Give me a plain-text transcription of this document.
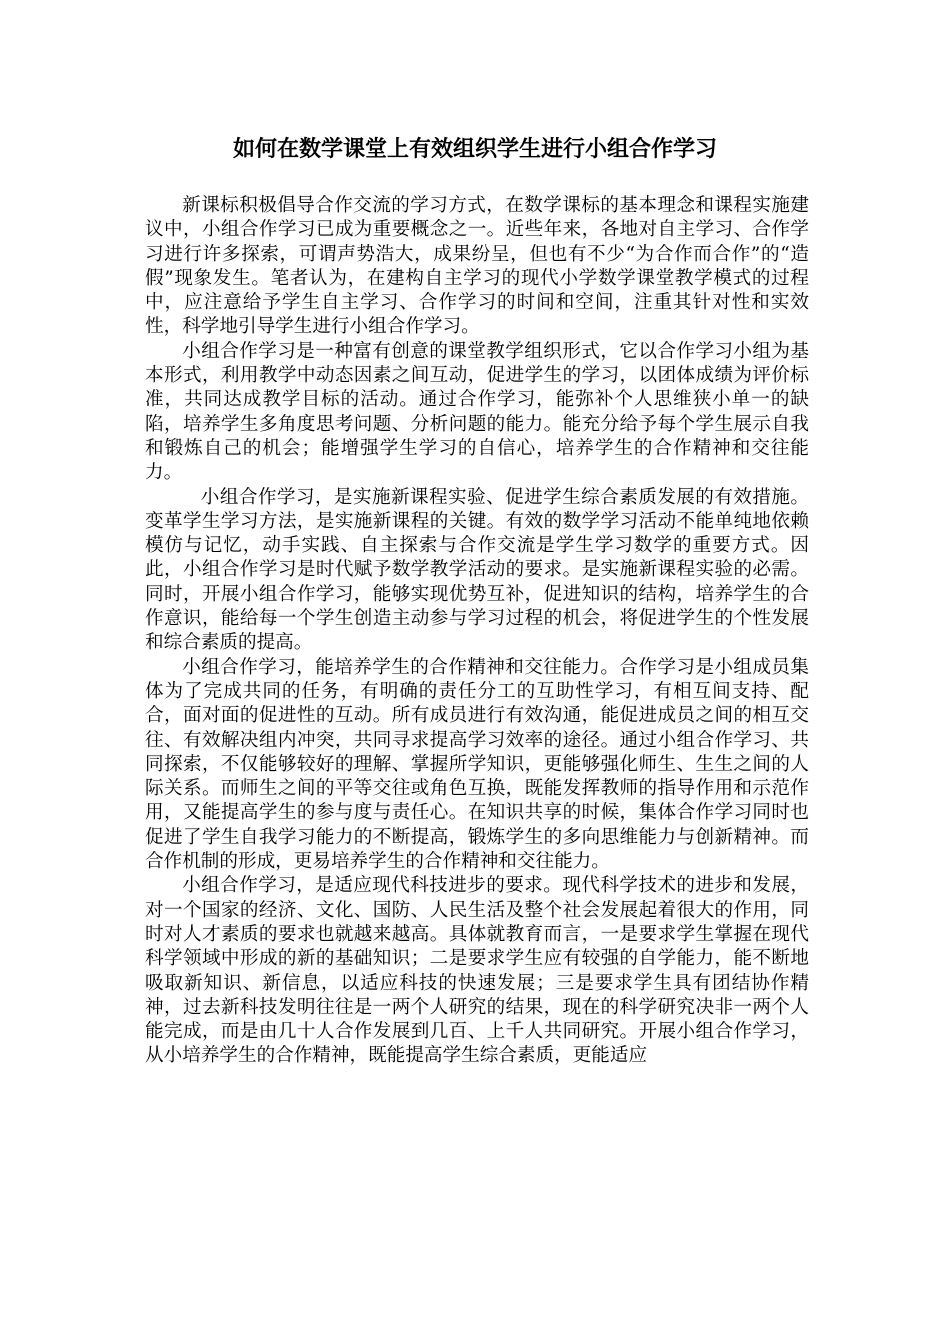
如何在数学课堂上有效组织学生进行小组合作学习

新课标积极倡导合作交流的学习方式，在数学课标的基本理念和课程实施建议中，小组合作学习已成为重要概念之一。近些年来，各地对自主学习、合作学习进行许多探索，可谓声势浩大，成果纷呈，但也有不少“为合作而合作”的“造假”现象发生。笔者认为，在建构自主学习的现代小学数学课堂教学模式的过程中，应注意给予学生自主学习、合作学习的时间和空间，注重其针对性和实效性，科学地引导学生进行小组合作学习。

小组合作学习是一种富有创意的课堂教学组织形式，它以合作学习小组为基本形式，利用教学中动态因素之间互动，促进学生的学习，以团体成绩为评价标准，共同达成教学目标的活动。通过合作学习，能弥补个人思维狭小单一的缺陷，培养学生多角度思考问题、分析问题的能力。能充分给予每个学生展示自我和锻炼自己的机会；能增强学生学习的自信心，培养学生的合作精神和交往能力。

小组合作学习，是实施新课程实验、促进学生综合素质发展的有效措施。变革学生学习方法，是实施新课程的关键。有效的数学学习活动不能单纯地依赖模仿与记忆，动手实践、自主探索与合作交流是学生学习数学的重要方式。因此，小组合作学习是时代赋予数学教学活动的要求。是实施新课程实验的必需。同时，开展小组合作学习，能够实现优势互补，促进知识的结构，培养学生的合作意识，能给每一个学生创造主动参与学习过程的机会，将促进学生的个性发展和综合素质的提高。

小组合作学习，能培养学生的合作精神和交往能力。合作学习是小组成员集体为了完成共同的任务，有明确的责任分工的互助性学习，有相互间支持、配合，面对面的促进性的互动。所有成员进行有效沟通，能促进成员之间的相互交往、有效解决组内冲突，共同寻求提高学习效率的途径。通过小组合作学习、共同探索，不仅能够较好的理解、掌握所学知识，更能够强化师生、生生之间的人际关系。而师生之间的平等交往或角色互换，既能发挥教师的指导作用和示范作用，又能提高学生的参与度与责任心。在知识共享的时候，集体合作学习同时也促进了学生自我学习能力的不断提高，锻炼学生的多向思维能力与创新精神。而合作机制的形成，更易培养学生的合作精神和交往能力。

小组合作学习，是适应现代科技进步的要求。现代科学技术的进步和发展，对一个国家的经济、文化、国防、人民生活及整个社会发展起着很大的作用，同时对人才素质的要求也就越来越高。具体就教育而言，一是要求学生掌握在现代科学领域中形成的新的基础知识；二是要求学生应有较强的自学能力，能不断地吸取新知识、新信息，以适应科技的快速发展；三是要求学生具有团结协作精神，过去新科技发明往往是一两个人研究的结果，现在的科学研究决非一两个人能完成，而是由几十人合作发展到几百、上千人共同研究。开展小组合作学习，从小培养学生的合作精神，既能提高学生综合素质，更能适应
